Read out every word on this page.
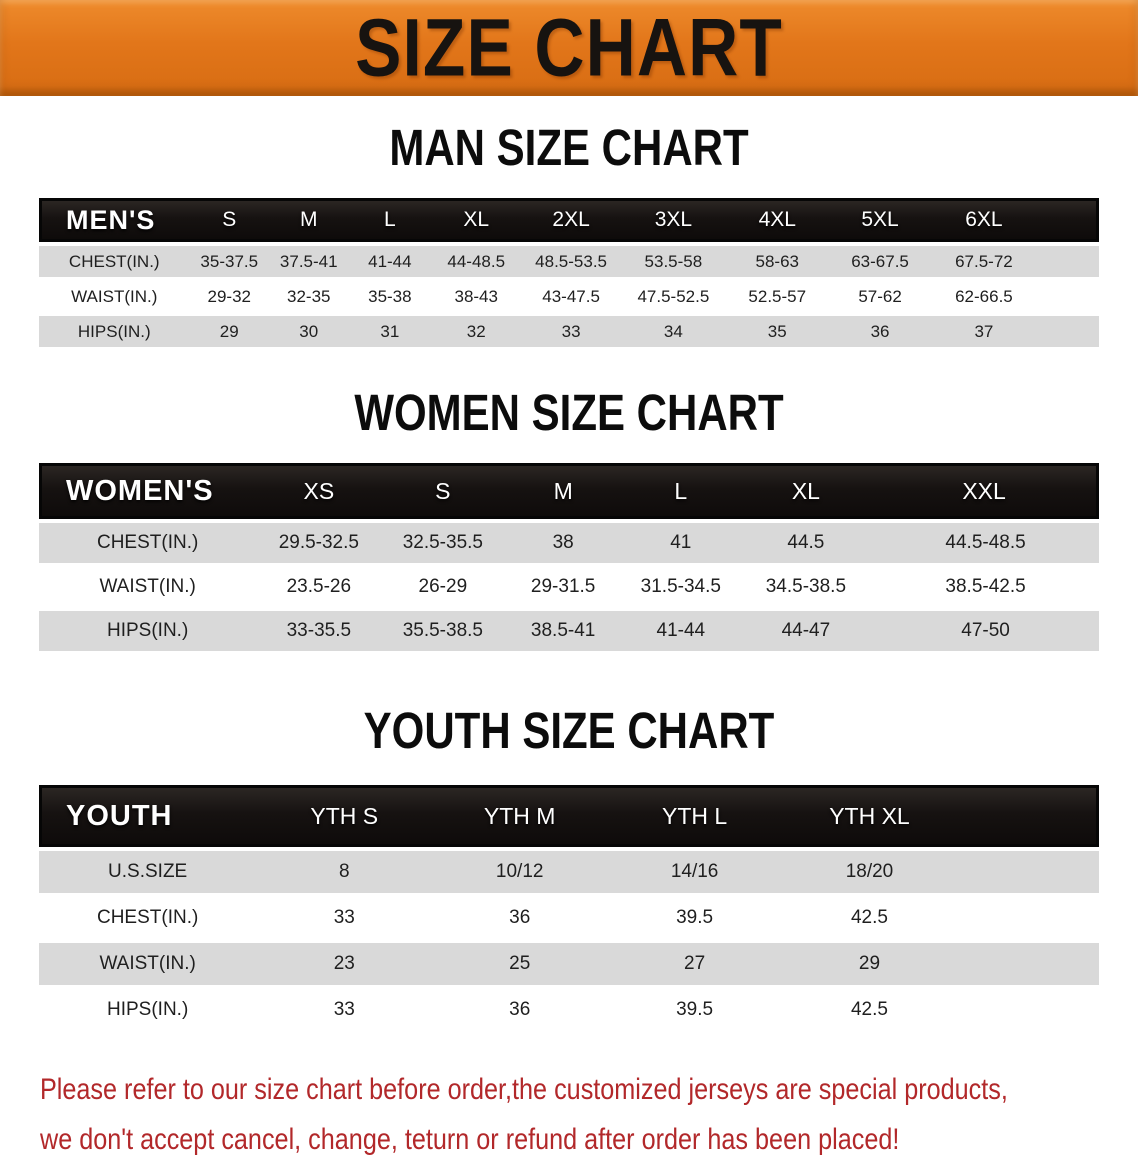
SIZE CHART
MAN SIZE CHART
MEN'S	S	M	L	XL	2XL	3XL	4XL	5XL	6XL	
CHEST(IN.)	35-37.5	37.5-41	41-44	44-48.5	48.5-53.5	53.5-58	58-63	63-67.5	67.5-72	
WAIST(IN.)	29-32	32-35	35-38	38-43	43-47.5	47.5-52.5	52.5-57	57-62	62-66.5	
HIPS(IN.)	29	30	31	32	33	34	35	36	37	
WOMEN SIZE CHART
WOMEN'S	XS	S	M	L	XL	XXL
CHEST(IN.)	29.5-32.5	32.5-35.5	38	41	44.5	44.5-48.5
WAIST(IN.)	23.5-26	26-29	29-31.5	31.5-34.5	34.5-38.5	38.5-42.5
HIPS(IN.)	33-35.5	35.5-38.5	38.5-41	41-44	44-47	47-50
YOUTH SIZE CHART
YOUTH	YTH S	YTH M	YTH L	YTH XL	
U.S.SIZE	8	10/12	14/16	18/20	
CHEST(IN.)	33	36	39.5	42.5	
WAIST(IN.)	23	25	27	29	
HIPS(IN.)	33	36	39.5	42.5	
Please refer to our size chart before order,the customized jerseys are special products,
we don't accept cancel, change, teturn or refund after order has been placed!
